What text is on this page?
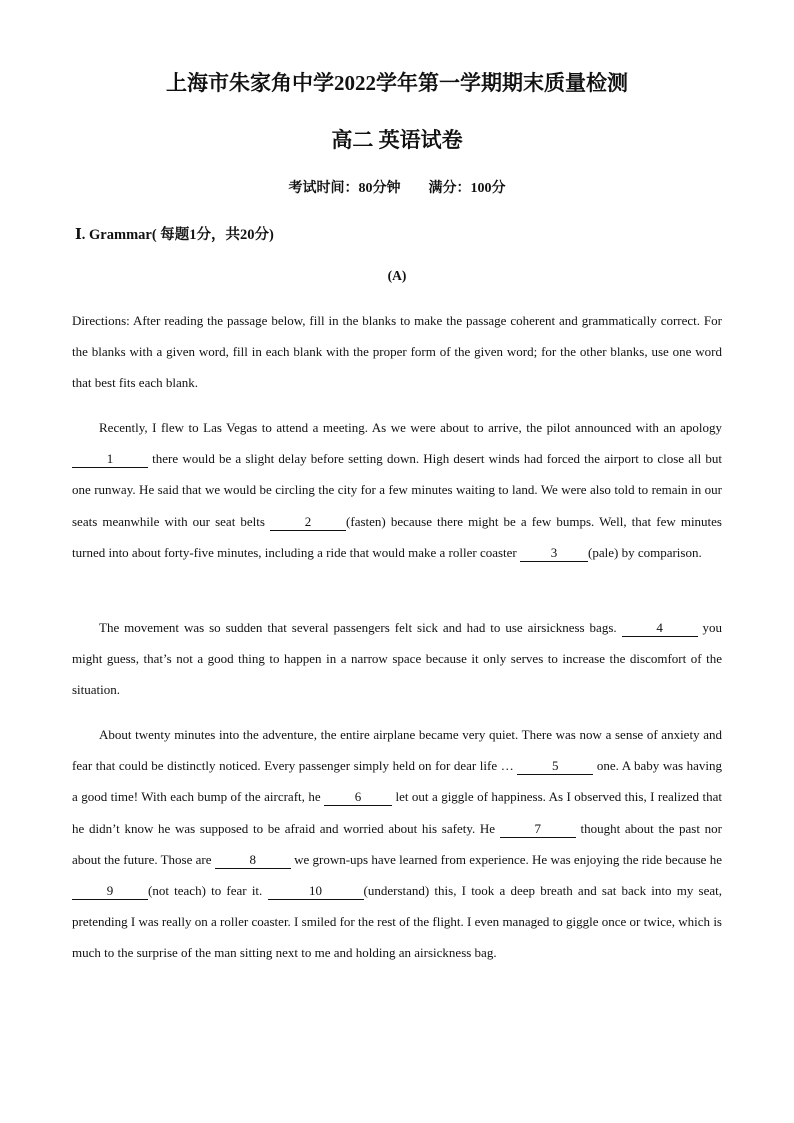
上海市朱家角中学2022学年第一学期期末质量检测
高二 英语试卷
考试时间：80分钟 满分：100分
Ⅰ. Grammar( 每题1分，共20分)
(A)

Directions: After reading the passage below, fill in the blanks to make the passage coherent and grammatically correct. For the blanks with a given word, fill in each blank with the proper form of the given word; for the other blanks, use one word that best fits each blank.

Recently, I flew to Las Vegas to attend a meeting. As we were about to arrive, the pilot announced with an apology 1	there would be a slight delay before setting down. High desert winds had forced the airport to close all but one runway. He said that we would be circling the city for a few minutes waiting to land. We were also told to remain in our seats meanwhile with our seat belts	2	(fasten) because there might be a few bumps. Well, that few minutes turned into about forty-five minutes, including a ride that would make a roller coaster 3 (pale) by comparison.

The movement was so sudden that several passengers felt sick and had to use airsickness bags.	4	you might guess, that’s not a good thing to happen in a narrow space because it only serves to increase the discomfort of the situation.

About twenty minutes into the adventure, the entire airplane became very quiet. There was now a sense of anxiety and fear that could be distinctly noticed. Every passenger simply held on for dear life …	5	one. A baby was having a good time! With each bump of the aircraft, he 6 let out a giggle of happiness. As I observed this, I realized that he didn’t know he was supposed to be afraid and worried about his safety. He	7	thought about the past nor about the future. Those are	8	we grown-ups have learned from experience. He was enjoying the ride because he 9	(not teach) to fear it.	10	(understand) this, I took a deep breath and sat back into my seat, pretending I was really on a roller coaster. I smiled for the rest of the flight. I even managed to giggle once or twice, which is much to the surprise of the man sitting next to me and holding an airsickness bag.
